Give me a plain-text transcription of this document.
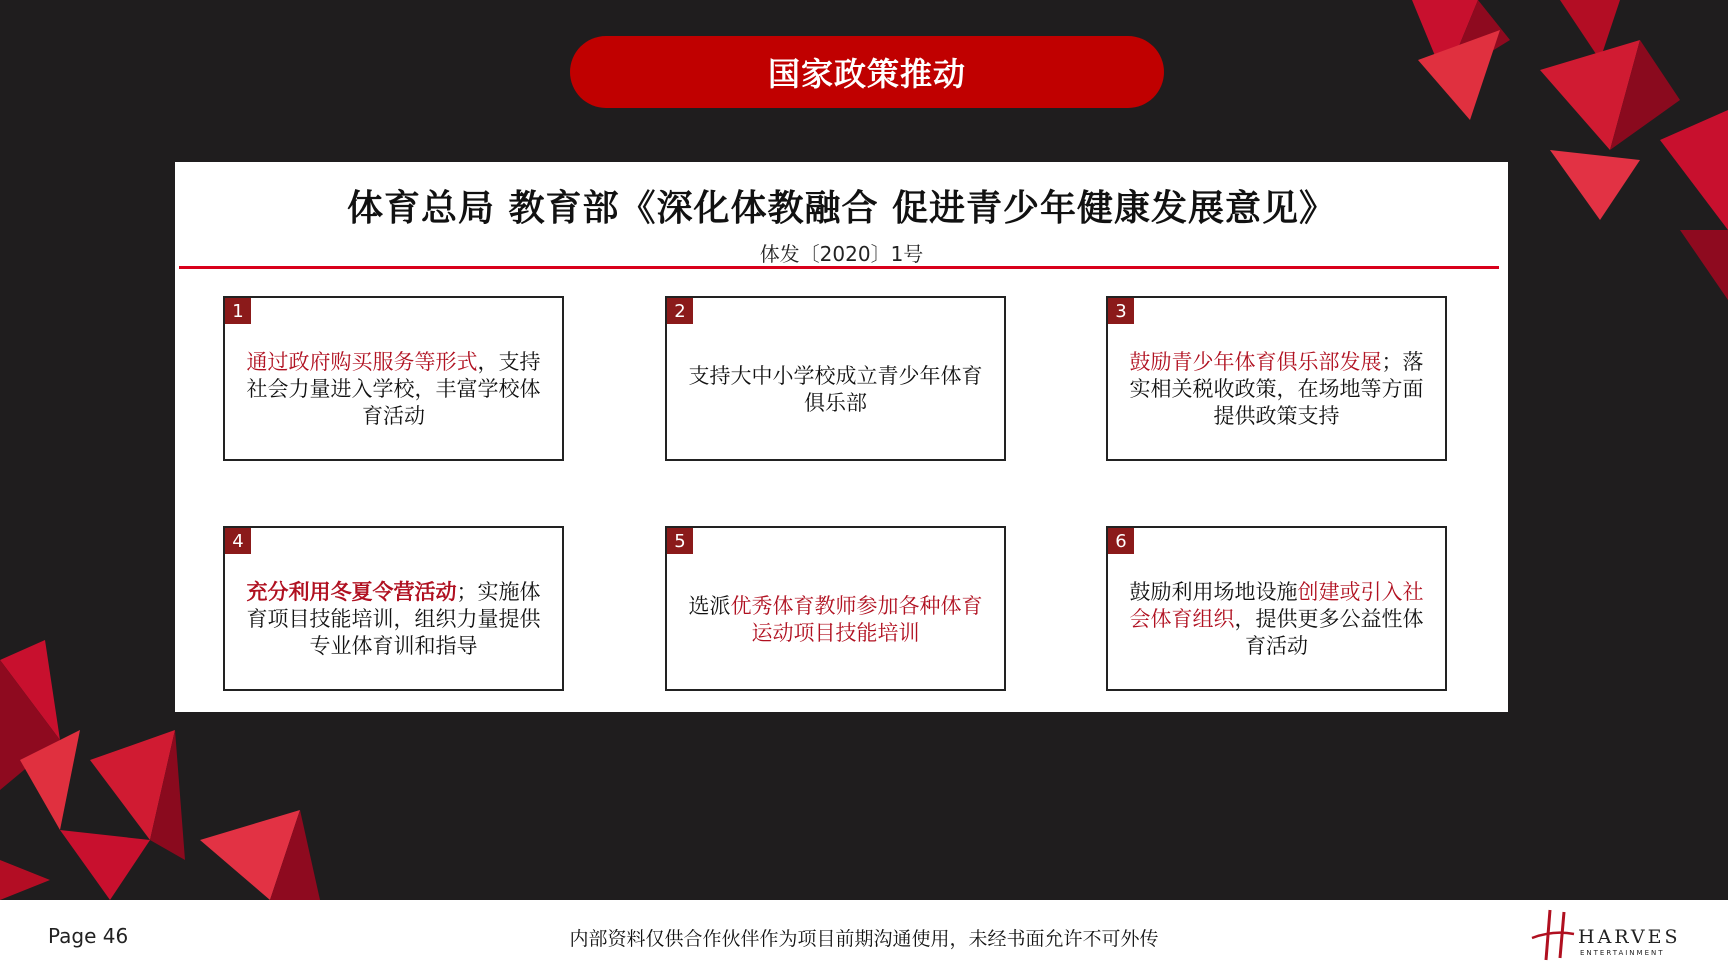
国家政策推动
体育总局 教育部《深化体教融合 促进青少年健康发展意见》
体发〔2020〕1号
1
通过政府购买服务等形式，支持社会力量进入学校，丰富学校体育活动
2
支持大中小学校成立青少年体育俱乐部
3
鼓励青少年体育俱乐部发展；落实相关税收政策，在场地等方面提供政策支持
4
充分利用冬夏令营活动；实施体育项目技能培训，组织力量提供专业体育训和指导
5
选派优秀体育教师参加各种体育运动项目技能培训
6
鼓励利用场地设施创建或引入社会体育组织，提供更多公益性体育活动
Page 46	内部资料仅供合作伙伴作为项目前期沟通使用，未经书面允许不可外传	HARVES
ENTERTAINMENT
